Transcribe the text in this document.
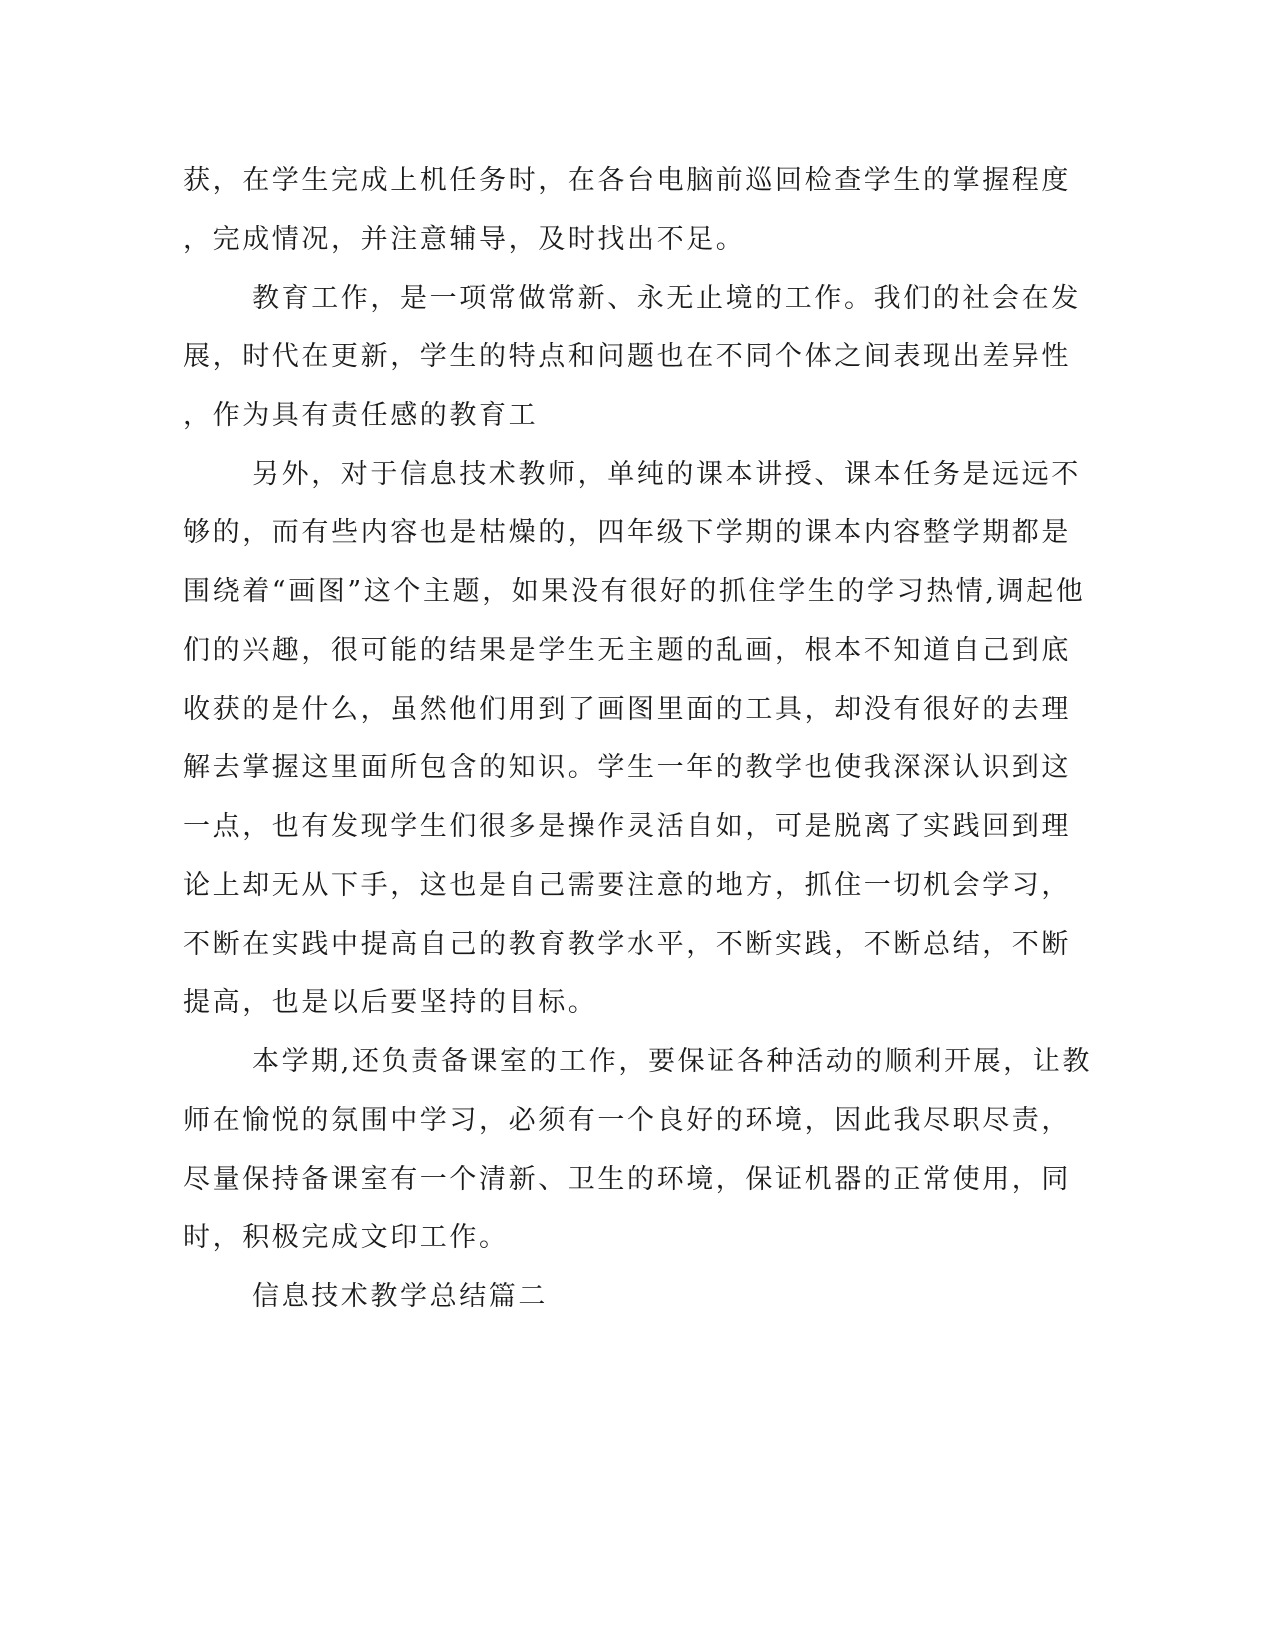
获，在学生完成上机任务时，在各台电脑前巡回检查学生的掌握程度
，完成情况，并注意辅导，及时找出不足。
教育工作，是一项常做常新、永无止境的工作。我们的社会在发
展，时代在更新，学生的特点和问题也在不同个体之间表现出差异性
，作为具有责任感的教育工
另外，对于信息技术教师，单纯的课本讲授、课本任务是远远不
够的，而有些内容也是枯燥的，四年级下学期的课本内容整学期都是
围绕着“画图”这个主题，如果没有很好的抓住学生的学习热情,调起他
们的兴趣，很可能的结果是学生无主题的乱画，根本不知道自己到底
收获的是什么，虽然他们用到了画图里面的工具，却没有很好的去理
解去掌握这里面所包含的知识。学生一年的教学也使我深深认识到这
一点，也有发现学生们很多是操作灵活自如，可是脱离了实践回到理
论上却无从下手，这也是自己需要注意的地方，抓住一切机会学习，
不断在实践中提高自己的教育教学水平，不断实践，不断总结，不断
提高，也是以后要坚持的目标。
本学期,还负责备课室的工作，要保证各种活动的顺利开展，让教
师在愉悦的氛围中学习，必须有一个良好的环境，因此我尽职尽责，
尽量保持备课室有一个清新、卫生的环境，保证机器的正常使用，同
时，积极完成文印工作。
信息技术教学总结篇二
